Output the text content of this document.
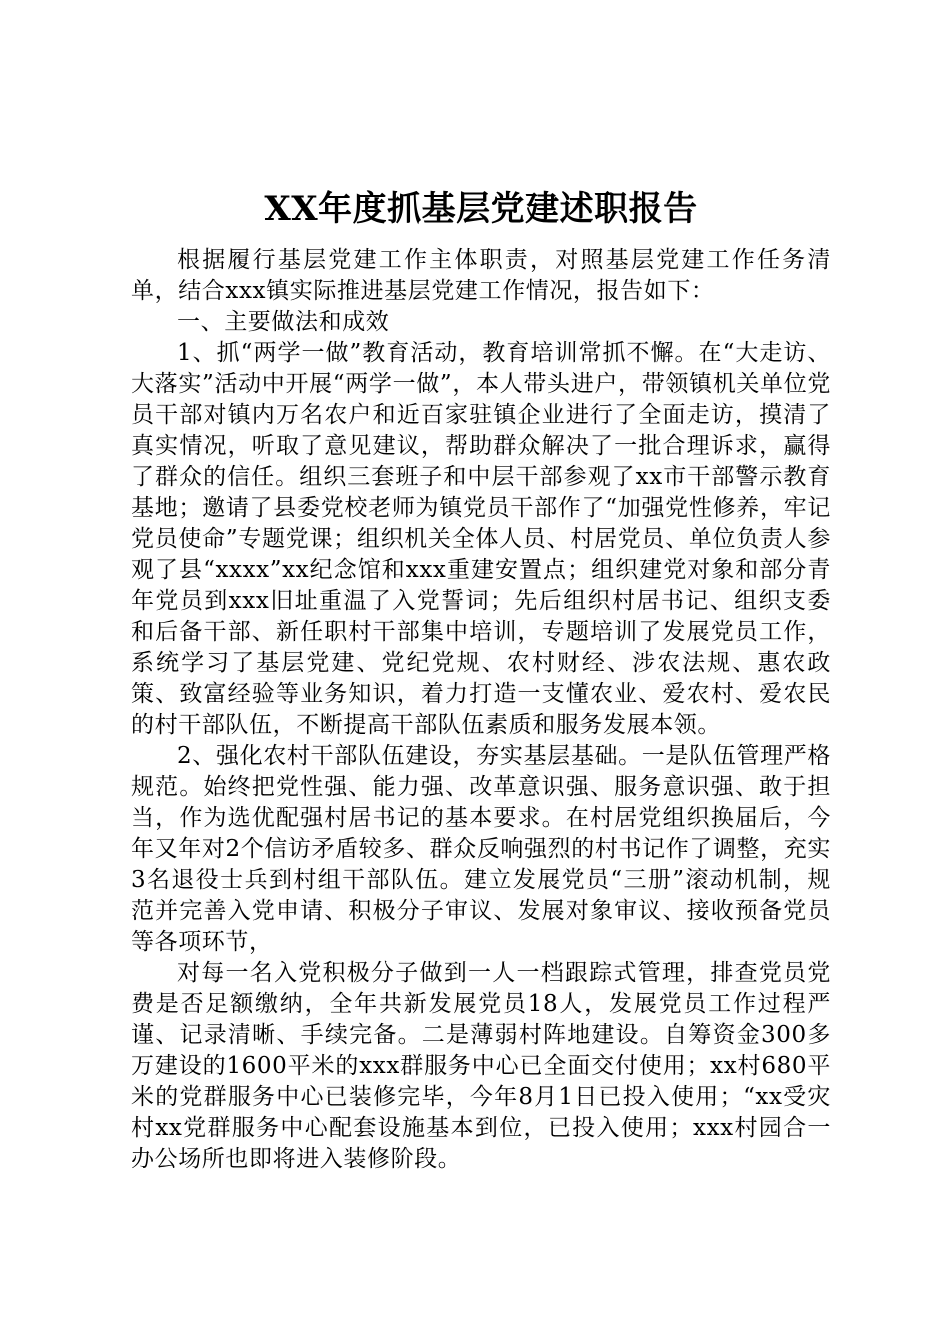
XX年度抓基层党建述职报告

根据履行基层党建工作主体职责，对照基层党建工作任务清单，结合xxx镇实际推进基层党建工作情况，报告如下：

一、主要做法和成效

1、抓“两学一做”教育活动，教育培训常抓不懈。在“大走访、大落实”活动中开展“两学一做”，本人带头进户，带领镇机关单位党员干部对镇内万名农户和近百家驻镇企业进行了全面走访，摸清了真实情况，听取了意见建议，帮助群众解决了一批合理诉求，赢得了群众的信任。组织三套班子和中层干部参观了xx市干部警示教育基地；邀请了县委党校老师为镇党员干部作了“加强党性修养，牢记党员使命”专题党课；组织机关全体人员、村居党员、单位负责人参观了县“xxxx”xx纪念馆和xxx重建安置点；组织建党对象和部分青年党员到xxx旧址重温了入党誓词；先后组织村居书记、组织支委和后备干部、新任职村干部集中培训，专题培训了发展党员工作，系统学习了基层党建、党纪党规、农村财经、涉农法规、惠农政策、致富经验等业务知识，着力打造一支懂农业、爱农村、爱农民的村干部队伍，不断提高干部队伍素质和服务发展本领。

2、强化农村干部队伍建设，夯实基层基础。一是队伍管理严格规范。始终把党性强、能力强、改革意识强、服务意识强、敢于担当，作为选优配强村居书记的基本要求。在村居党组织换届后，今年又年对2个信访矛盾较多、群众反响强烈的村书记作了调整，充实3名退役士兵到村组干部队伍。建立发展党员“三册”滚动机制，规范并完善入党申请、积极分子审议、发展对象审议、接收预备党员等各项环节，

对每一名入党积极分子做到一人一档跟踪式管理，排查党员党费是否足额缴纳，全年共新发展党员18人，发展党员工作过程严谨、记录清晰、手续完备。二是薄弱村阵地建设。自筹资金300多万建设的1600平米的xxx群服务中心已全面交付使用；xx村680平米的党群服务中心已装修完毕，今年8月1日已投入使用；“xx受灾村xx党群服务中心配套设施基本到位，已投入使用；xxx村园合一办公场所也即将进入装修阶段。
